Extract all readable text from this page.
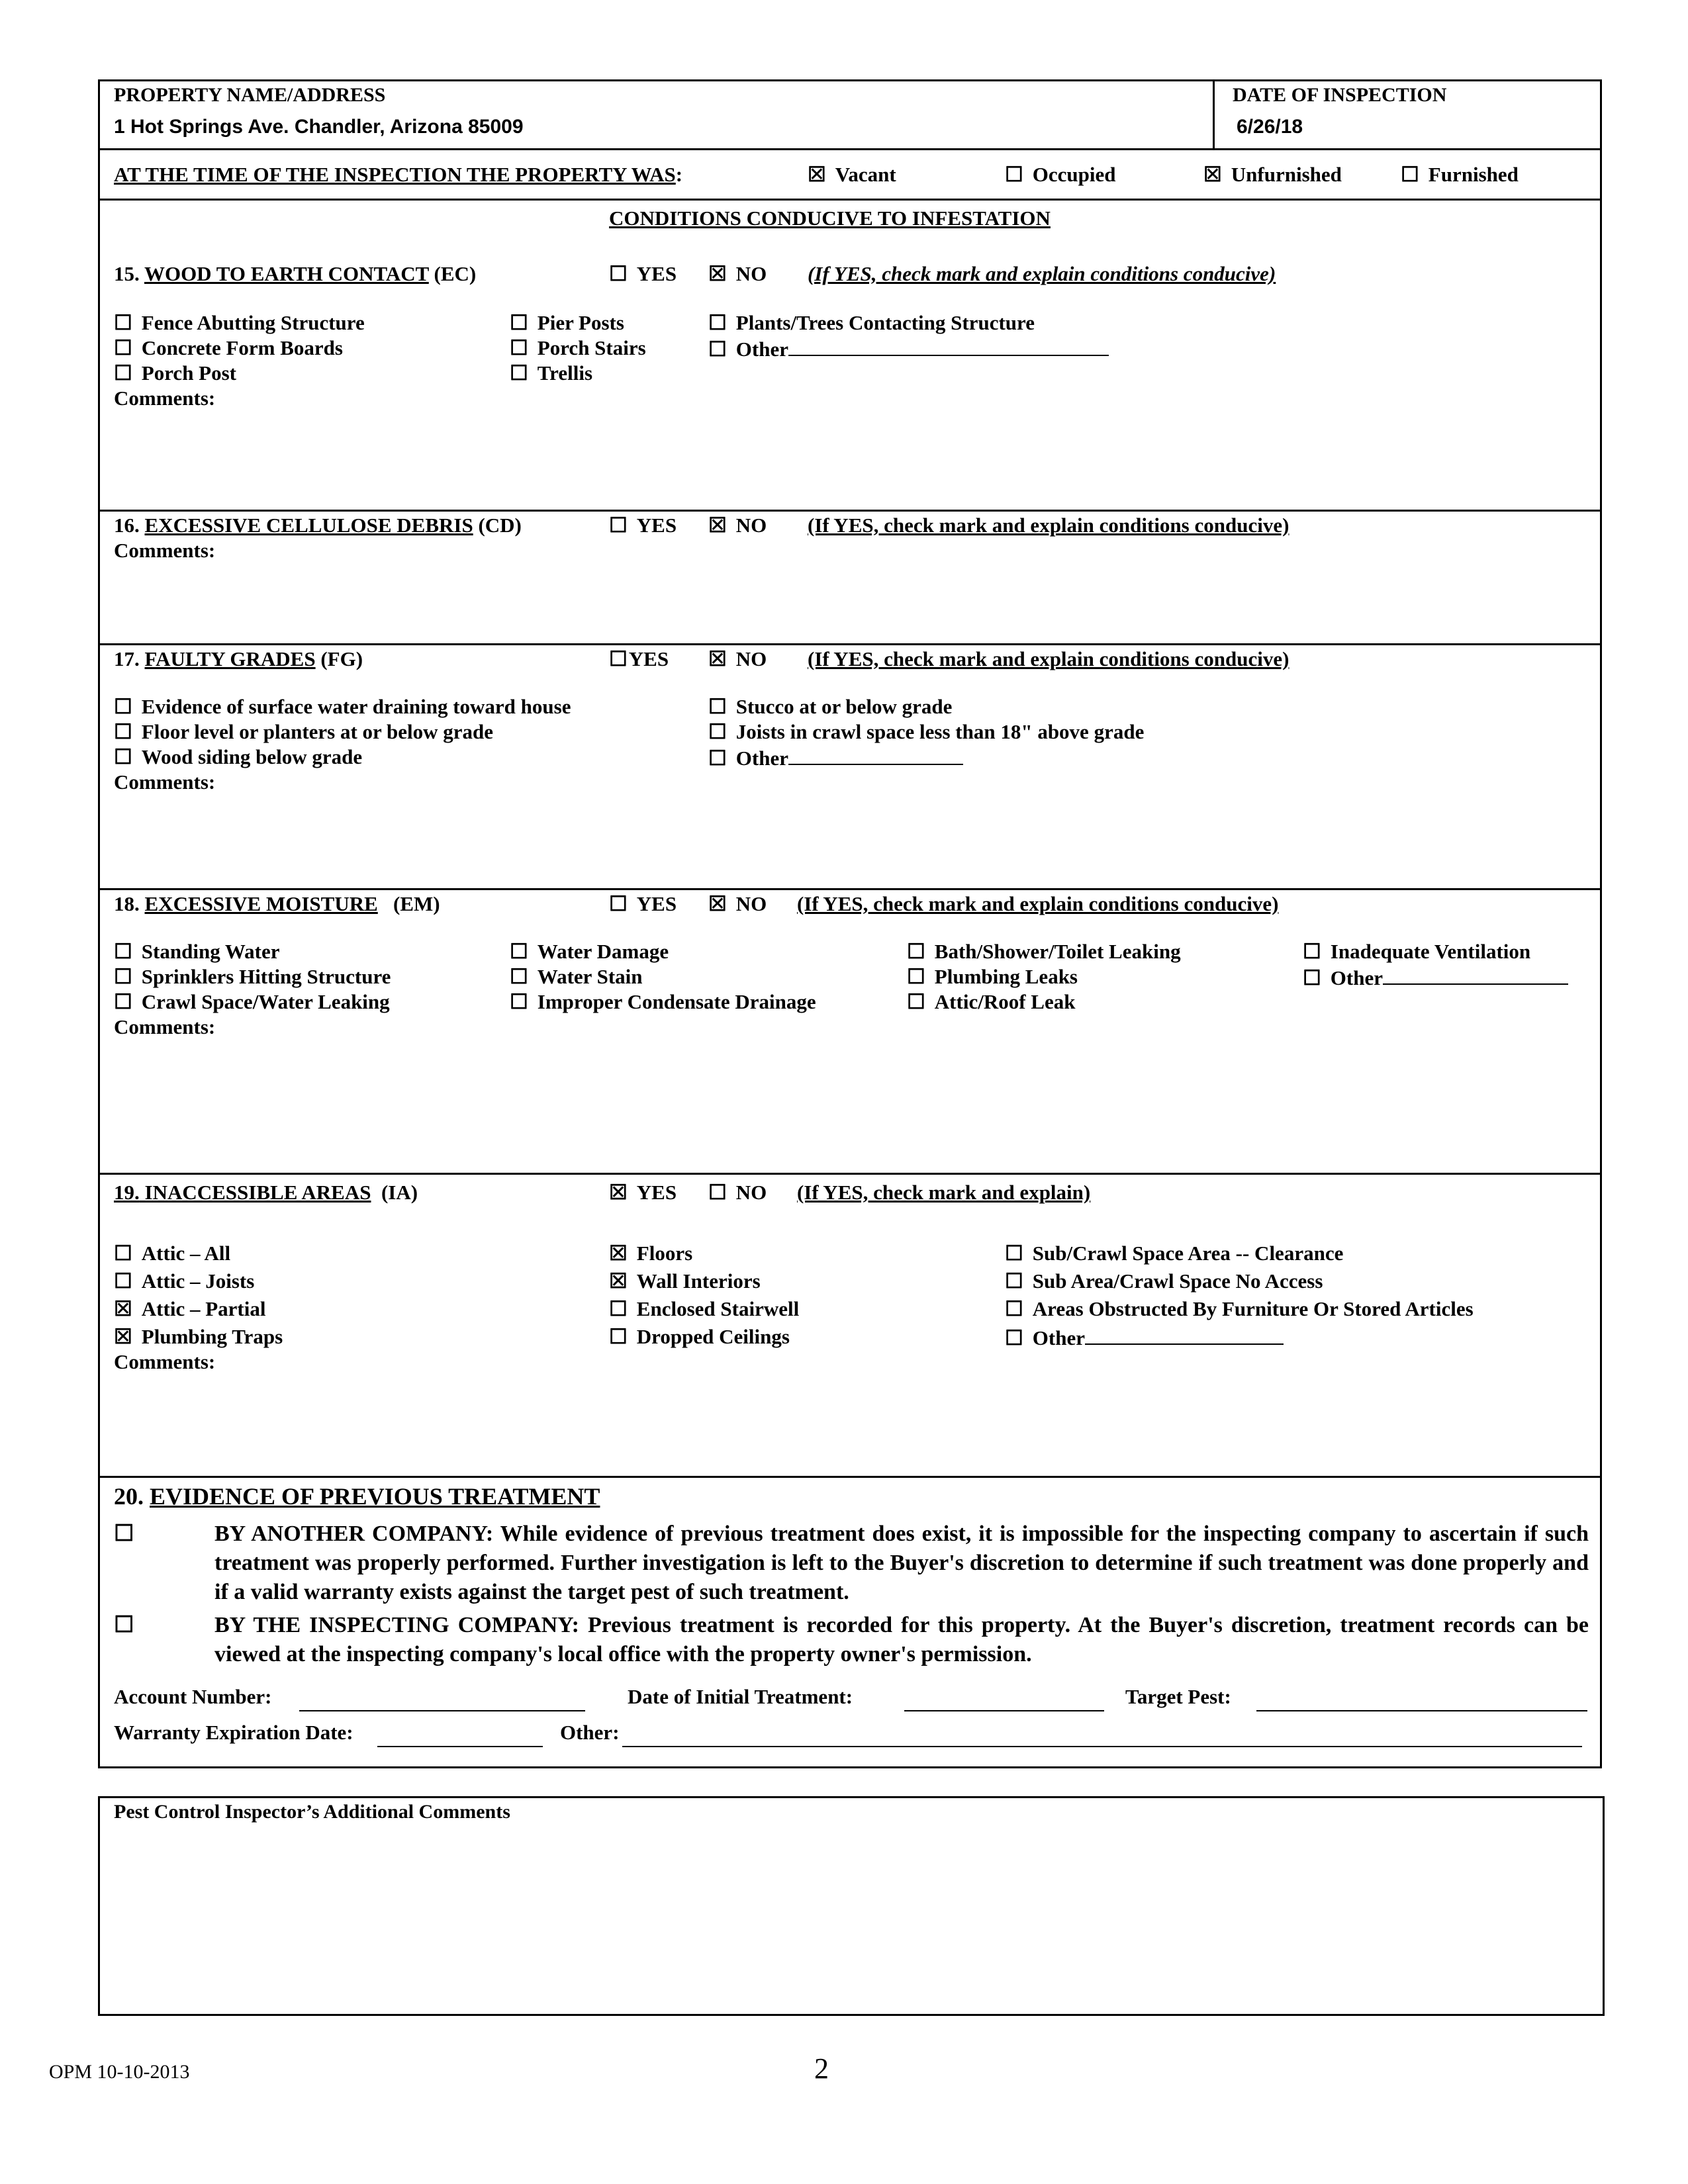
PROPERTY NAME/ADDRESS
1 Hot Springs Ave. Chandler, Arizona 85009
DATE OF INSPECTION
6/26/18
AT THE TIME OF THE INSPECTION THE PROPERTY WAS:	☒ Vacant	☐ Occupied	☒ Unfurnished	☐ Furnished
CONDITIONS CONDUCIVE TO INFESTATION
15. WOOD TO EARTH CONTACT (EC)	☐ YES ☒ NO (If YES, check mark and explain conditions conducive)
☐ Fence Abutting Structure
☐ Concrete Form Boards
☐ Porch Post
☐ Pier Posts
☐ Porch Stairs
☐ Trellis
☐ Plants/Trees Contacting Structure
☐ Other
Comments:
16. EXCESSIVE CELLULOSE DEBRIS (CD)	☐ YES ☒ NO (If YES, check mark and explain conditions conducive)
Comments:
17. FAULTY GRADES (FG)	☐YES ☒ NO (If YES, check mark and explain conditions conducive)
☐ Evidence of surface water draining toward house
☐ Floor level or planters at or below grade
☐ Wood siding below grade
☐ Stucco at or below grade
☐ Joists in crawl space less than 18" above grade
☐ Other
Comments:
18. EXCESSIVE MOISTURE (EM)	☐ YES ☒ NO (If YES, check mark and explain conditions conducive)
☐ Standing Water
☐ Sprinklers Hitting Structure
☐ Crawl Space/Water Leaking
☐ Water Damage
☐ Water Stain
☐ Improper Condensate Drainage
☐ Bath/Shower/Toilet Leaking
☐ Plumbing Leaks
☐ Attic/Roof Leak
☐ Inadequate Ventilation
☐ Other
Comments:
19. INACCESSIBLE AREAS (IA)	☒ YES ☐ NO (If YES, check mark and explain)
☐ Attic – All
☐ Attic – Joists
☒ Attic – Partial
☒ Plumbing Traps
☒ Floors
☒ Wall Interiors
☐ Enclosed Stairwell
☐ Dropped Ceilings
☐ Sub/Crawl Space Area -- Clearance
☐ Sub Area/Crawl Space No Access
☐ Areas Obstructed By Furniture Or Stored Articles
☐ Other
Comments:
20. EVIDENCE OF PREVIOUS TREATMENT
☐	BY ANOTHER COMPANY: While evidence of previous treatment does exist, it is impossible for the inspecting company to ascertain if such treatment was properly performed. Further investigation is left to the Buyer's discretion to determine if such treatment was done properly and if a valid warranty exists against the target pest of such treatment.
☐	BY THE INSPECTING COMPANY: Previous treatment is recorded for this property. At the Buyer's discretion, treatment records can be viewed at the inspecting company's local office with the property owner's permission.
Account Number:	Date of Initial Treatment:	Target Pest:
Warranty Expiration Date:	Other:
Pest Control Inspector’s Additional Comments
OPM 10-10-2013	2
